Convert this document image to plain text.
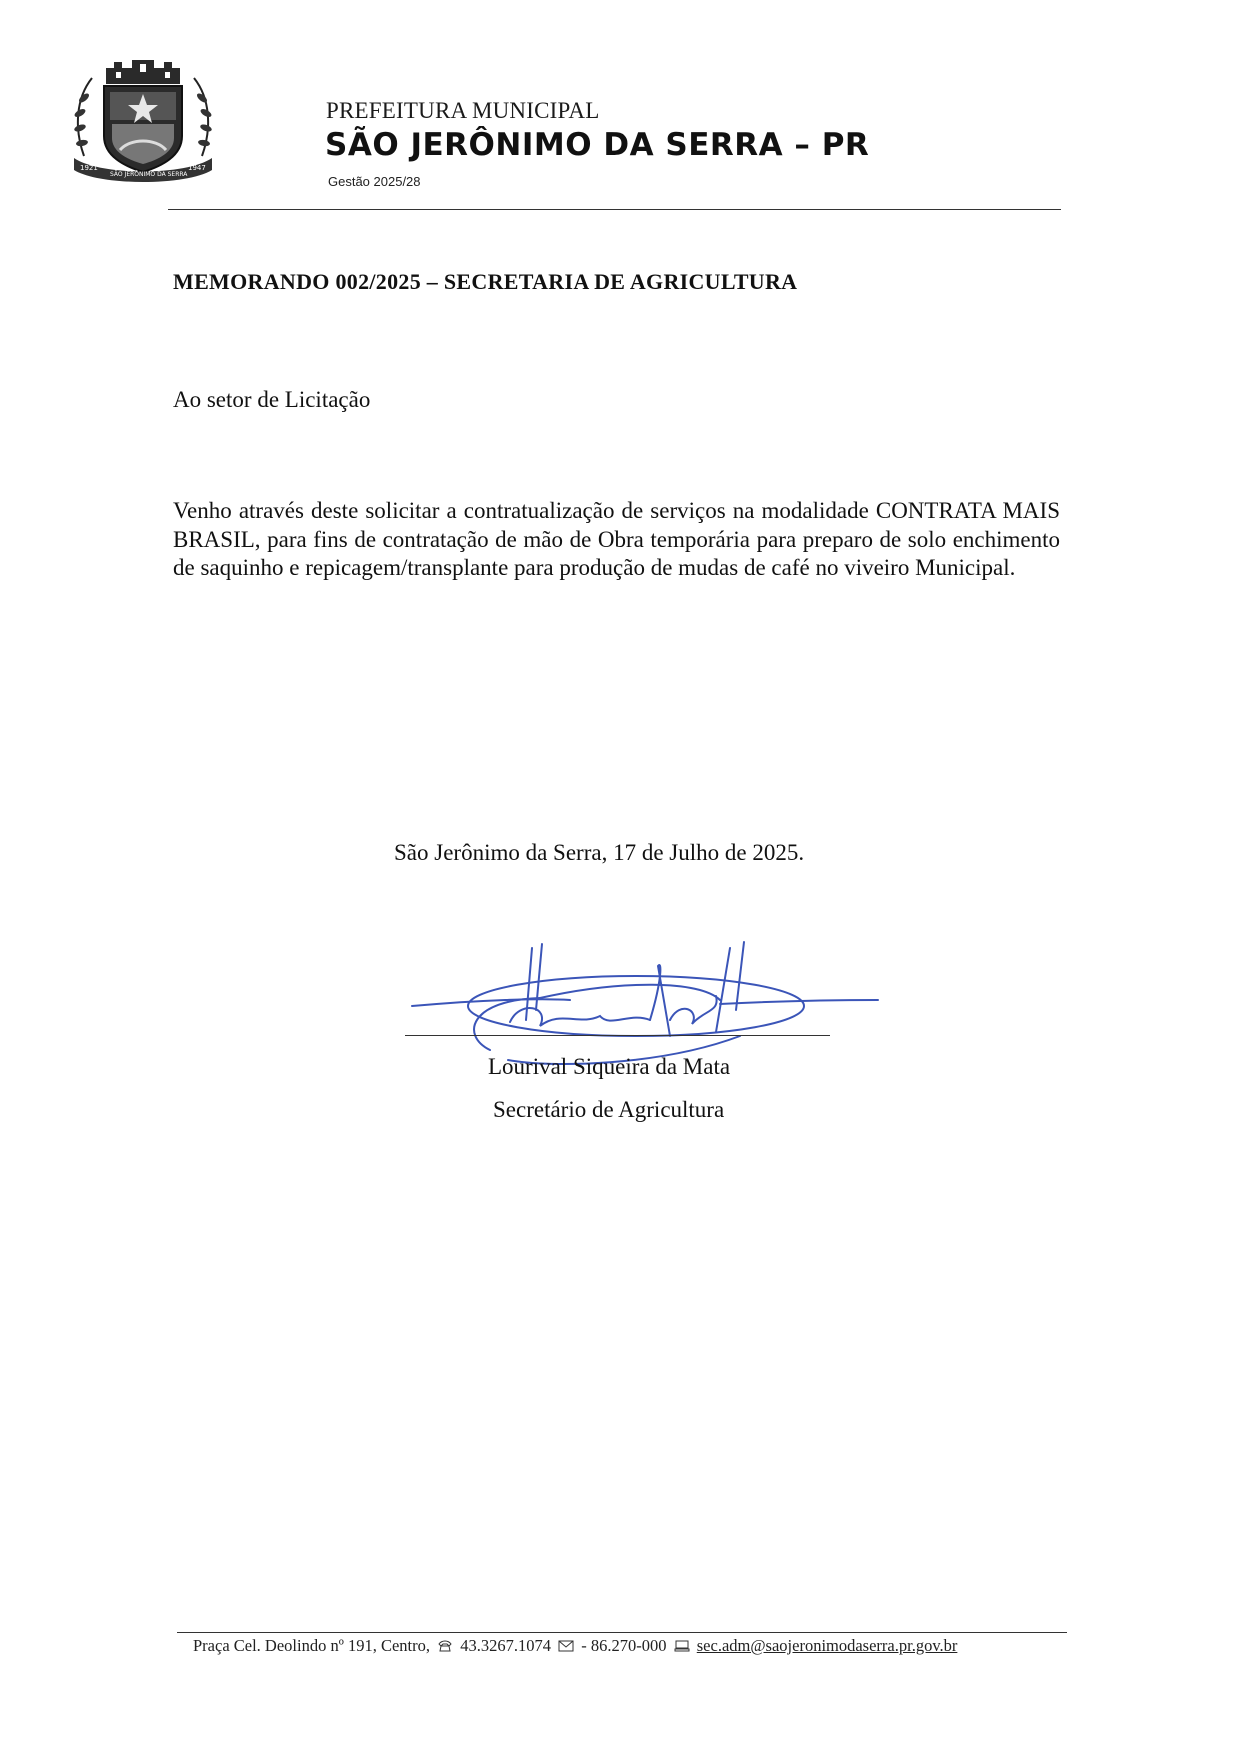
1921
SÃO JERÔNIMO DA SERRA
1947
PREFEITURA MUNICIPAL
SÃO JERÔNIMO DA SERRA – PR
Gestão 2025/28
MEMORANDO 002/2025 – SECRETARIA DE AGRICULTURA
Ao setor de Licitação
Venho através deste solicitar a contratualização de serviços na modalidade CONTRATA MAIS BRASIL, para fins de contratação de mão de Obra temporária para preparo de solo enchimento de saquinho e repicagem/transplante para produção de mudas de café no viveiro Municipal.
São Jerônimo da Serra, 17 de Julho de 2025.
Lourival Siqueira da Mata
Secretário de Agricultura
Praça Cel. Deolindo nº 191, Centro, 43.3267.1074 - 86.270-000 sec.adm@saojeronimodaserra.pr.gov.br
